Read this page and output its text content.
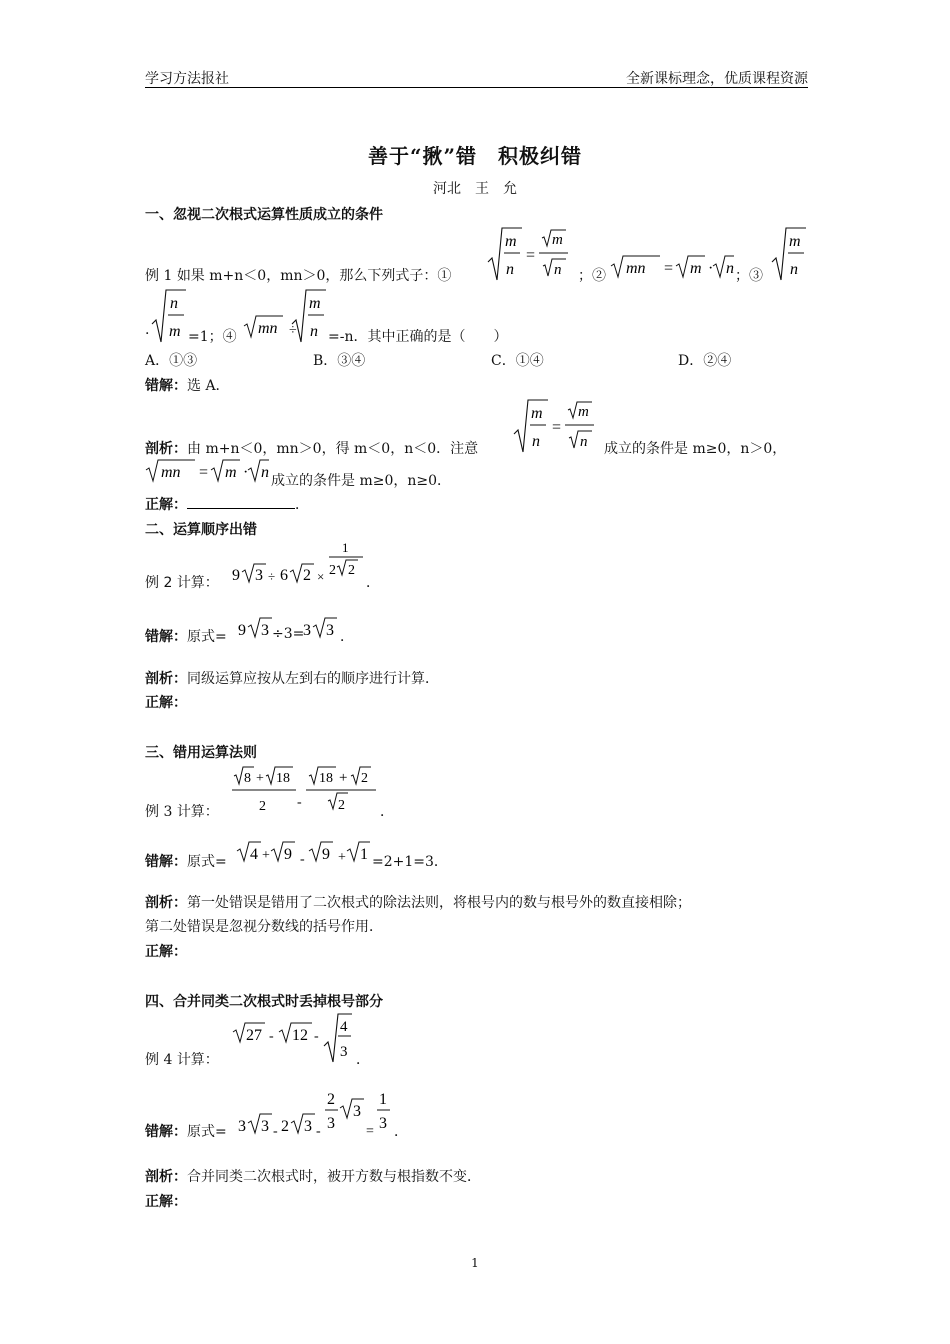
学习方法报社	全新课标理念，优质课程资源
善于“揪”错　积极纠错
河北　王　允
一、忽视二次根式运算性质成立的条件
例 1 如果 m+n＜0，mn＞0，那么下列式子：①
m
n
=
m
n ；② mn = m · n ；③
m
n
·
n
m =1；④ mn ÷
m
n =-n．其中正确的是（　　）
A．①③	B．③④	C．①④	D．②④
错解：选 A．
剖析：由 m+n＜0，mn＞0，得 m＜0，n＜0．注意
m
n
=
m
n 成立的条件是 m≥0，n＞0，
mn = m · n 成立的条件是 m≥0，n≥0．
正解：	．
二、运算顺序出错
例 2 计算： 9 3 ÷ 6 2 ×
1
2 2
．
错解：原式= 9 3 ÷3=
3 3 ．
剖析：同级运算应按从左到右的顺序进行计算．
正解：
三、错用运算法则
例 3 计算：
8 + 18
2 -
18 + 2
2	．
错解：原式= 4 + 9 - 9 + 1 =2+1=3．
剖析：第一处错误是错用了二次根式的除法法则，将根号内的数与根号外的数直接相除；
第二处错误是忽视分数线的括号作用．
正解：
四、合并同类二次根式时丢掉根号部分
例 4 计算：
27 - 12 -
4
3 ．
错解：原式= 3 3 - 2 3 -
2
3
3
=
1
3 ．
剖析：合并同类二次根式时，被开方数与根指数不变．
正解：
1
